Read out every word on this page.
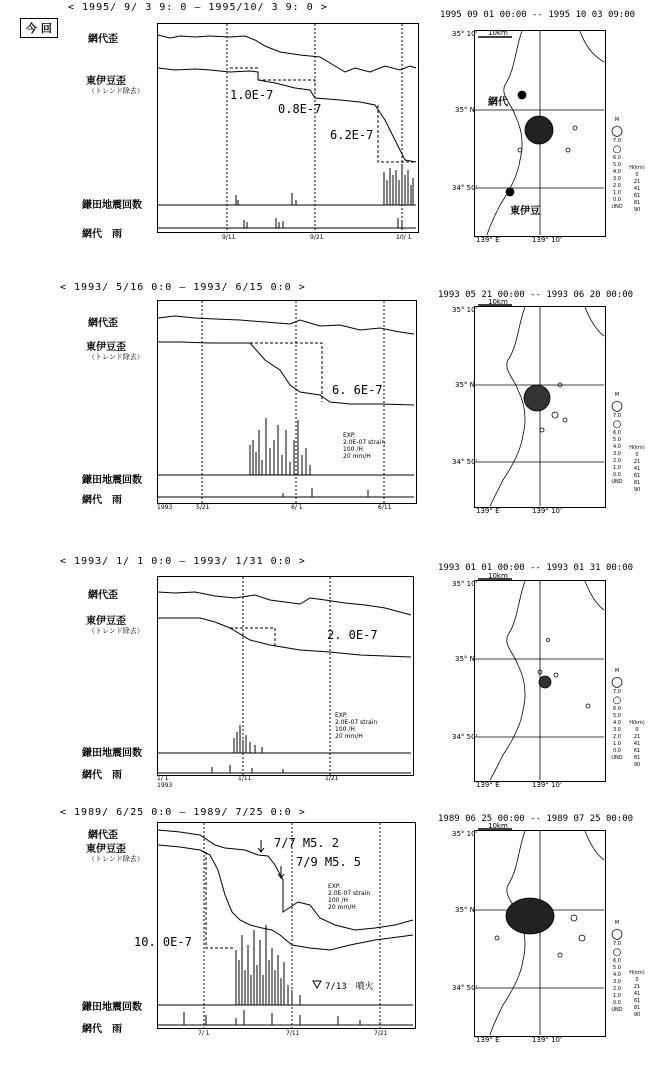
< 1995/ 9/ 3 9: 0 — 1995/10/ 3 9: 0 >
今 回
網代歪
東伊豆歪
（トレンド除去）
鎌田地震回数
網代　雨
1.0E-7
0.8E-7
6.2E-7
9/11	9/21	10/ 1
1995 09 01 00:00 -- 1995 10 03 09:00
35° 10'
35° N
34° 50'
139° E	139° 10'
10km
網代
東伊豆
M
○
7.0
○
6.0
5.0
4.0
3.0
2.0
1.0
0.0
UND
H(km)
0
21
41
61
81
90
< 1993/ 5/16 0:0 — 1993/ 6/15 0:0 >
網代歪
東伊豆歪
（トレンド除去）
鎌田地震回数
網代　雨
6. 6E-7
EXP.
2.0E-07 strain
100 /H
20 mm/H
5/21	6/ 1	6/11
1993
1993 05 21 00:00 -- 1993 06 20 00:00
35° 10'
35° N
34° 50'
139° E	139° 10'
10km
M
○
7.0
○
6.0
5.0
4.0
3.0
2.0
1.0
0.0
UND
H(km)
0
21
41
61
81
90
< 1993/ 1/ 1 0:0 — 1993/ 1/31 0:0 >
網代歪
東伊豆歪
（トレンド除去）
鎌田地震回数
網代　雨
2. 0E-7
EXP.
2.0E-07 strain
100 /H
20 mm/H
1/ 1
1993
1/11	1/21
1993 01 01 00:00 -- 1993 01 31 00:00
35° 10'
35° N
34° 50'
139° E	139° 10'
10km
M
○
7.0
○
6.0
5.0
4.0
3.0
2.0
1.0
0.0
UND
H(km)
0
21
41
61
81
90
< 1989/ 6/25 0:0 — 1989/ 7/25 0:0 >
網代歪
東伊豆歪
（トレンド除去）
鎌田地震回数
網代　雨
7/7 M5. 2
7/9 M5. 5
10. 0E-7
7/13　噴火
EXP.
2.0E-07 strain
100 /H
20 mm/H
7/ 1	7/11	7/21
1989 06 25 00:00 -- 1989 07 25 00:00
35° 10'
35° N
34° 50'
139° E	139° 10'
10km
M
○
7.0
○
6.0
5.0
4.0
3.0
2.0
1.0
0.0
UND
H(km)
0
21
41
61
81
90
